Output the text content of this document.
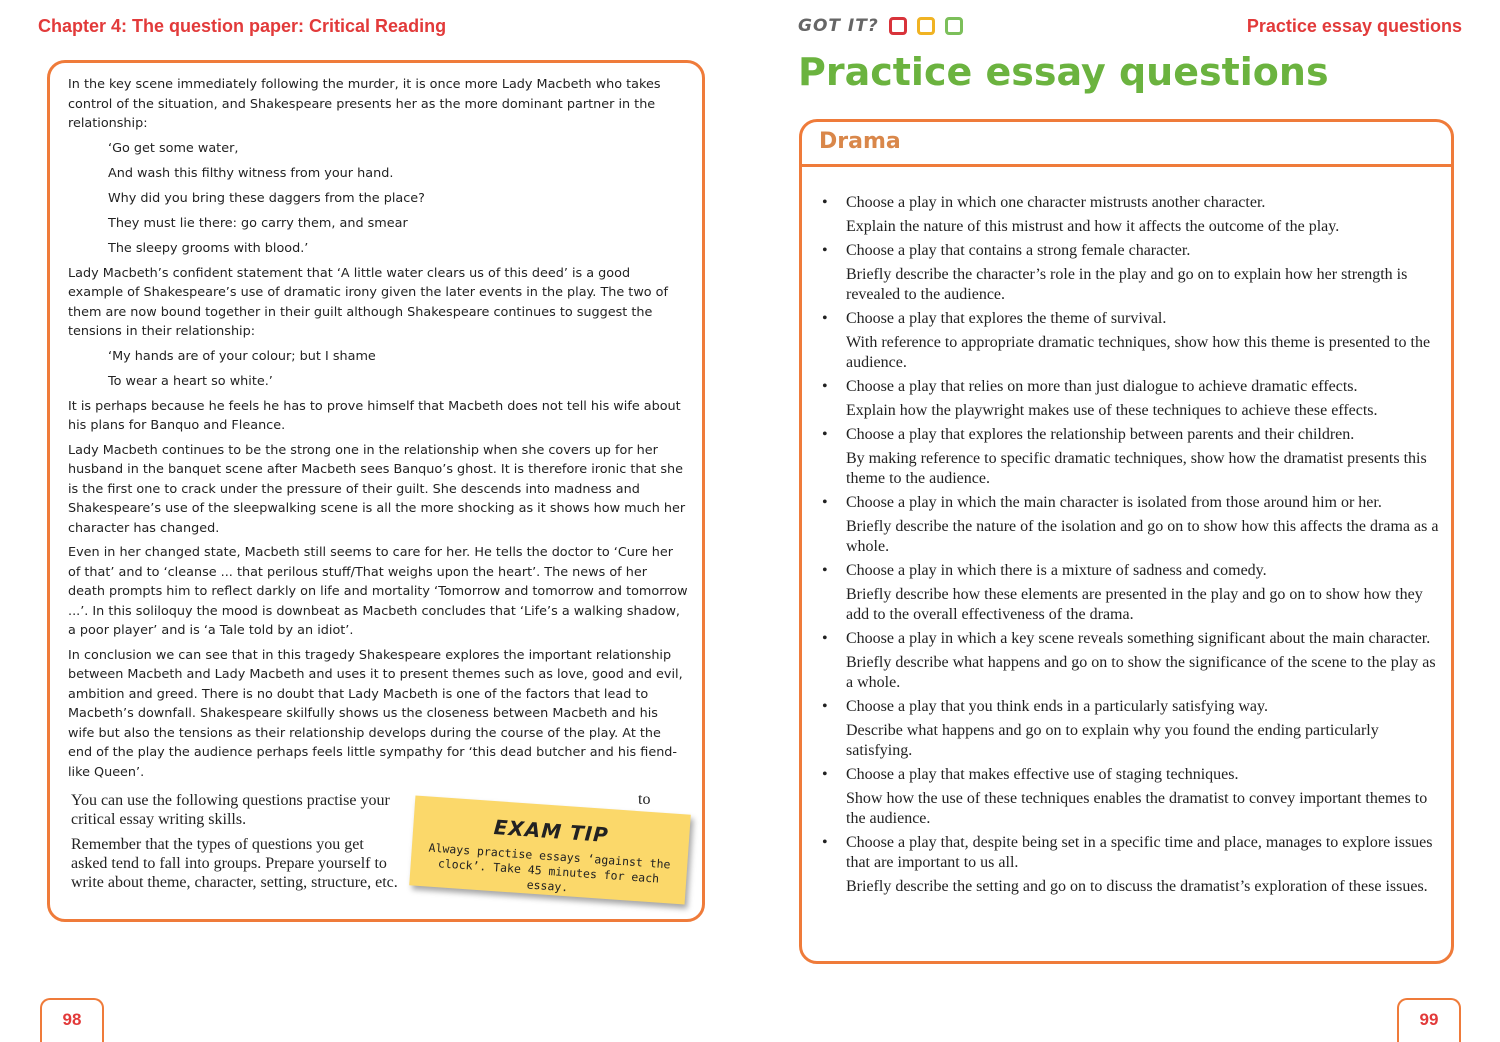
Chapter 4: The question paper: Critical Reading	GOT IT?	Practice essay questions

In the key scene immediately following the murder, it is once more Lady Macbeth who takes control of the situation, and Shakespeare presents her as the more dominant partner in the relationship:

‘Go get some water,

And wash this filthy witness from your hand.

Why did you bring these daggers from the place?

They must lie there: go carry them, and smear

The sleepy grooms with blood.’

Lady Macbeth’s confident statement that ‘A little water clears us of this deed’ is a good example of Shakespeare’s use of dramatic irony given the later events in the play. The two of them are now bound together in their guilt although Shakespeare continues to suggest the tensions in their relationship:

‘My hands are of your colour; but I shame

To wear a heart so white.’

It is perhaps because he feels he has to prove himself that Macbeth does not tell his wife about his plans for Banquo and Fleance.

Lady Macbeth continues to be the strong one in the relationship when she covers up for her husband in the banquet scene after Macbeth sees Banquo’s ghost. It is therefore ironic that she is the first one to crack under the pressure of their guilt. She descends into madness and Shakespeare’s use of the sleepwalking scene is all the more shocking as it shows how much her character has changed.

Even in her changed state, Macbeth still seems to care for her. He tells the doctor to ‘Cure her of that’ and to ‘cleanse ... that perilous stuff/That weighs upon the heart’. The news of her death prompts him to reflect darkly on life and mortality ‘Tomorrow and tomorrow and tomorrow ...’. In this soliloquy the mood is downbeat as Macbeth concludes that ‘Life’s a walking shadow, a poor player’ and is ‘a Tale told by an idiot’.

In conclusion we can see that in this tragedy Shakespeare explores the important relationship between Macbeth and Lady Macbeth and uses it to present themes such as love, good and evil, ambition and greed. There is no doubt that Lady Macbeth is one of the factors that lead to Macbeth’s downfall. Shakespeare skilfully shows us the closeness between Macbeth and his wife but also the tensions as their relationship develops during the course of the play. At the end of the play the audience perhaps feels little sympathy for ‘this dead butcher and his fiend-like Queen’.

You can use the following questions practise your critical essay writing skills.

Remember that the types of questions you get asked tend to fall into groups. Prepare yourself to write about theme, character, setting, structure, etc.

to
EXAM TIP
Always practise essays ‘against the clock’. Take 45 minutes for each essay.
Practice essay questions
Drama
• Choose a play in which one character mistrusts another character.
Explain the nature of this mistrust and how it affects the outcome of the play.
• Choose a play that contains a strong female character.
Briefly describe the character’s role in the play and go on to explain how her strength is revealed to the audience.
• Choose a play that explores the theme of survival.
With reference to appropriate dramatic techniques, show how this theme is presented to the audience.
• Choose a play that relies on more than just dialogue to achieve dramatic effects.
Explain how the playwright makes use of these techniques to achieve these effects.
• Choose a play that explores the relationship between parents and their children.
By making reference to specific dramatic techniques, show how the dramatist presents this theme to the audience.
• Choose a play in which the main character is isolated from those around him or her.
Briefly describe the nature of the isolation and go on to show how this affects the drama as a whole.
• Choose a play in which there is a mixture of sadness and comedy.
Briefly describe how these elements are presented in the play and go on to show how they add to the overall effectiveness of the drama.
• Choose a play in which a key scene reveals something significant about the main character.
Briefly describe what happens and go on to show the significance of the scene to the play as a whole.
• Choose a play that you think ends in a particularly satisfying way.
Describe what happens and go on to explain why you found the ending particularly satisfying.
• Choose a play that makes effective use of staging techniques.
Show how the use of these techniques enables the dramatist to convey important themes to the audience.
• Choose a play that, despite being set in a specific time and place, manages to explore issues that are important to us all.
Briefly describe the setting and go on to discuss the dramatist’s exploration of these issues.
98	99
